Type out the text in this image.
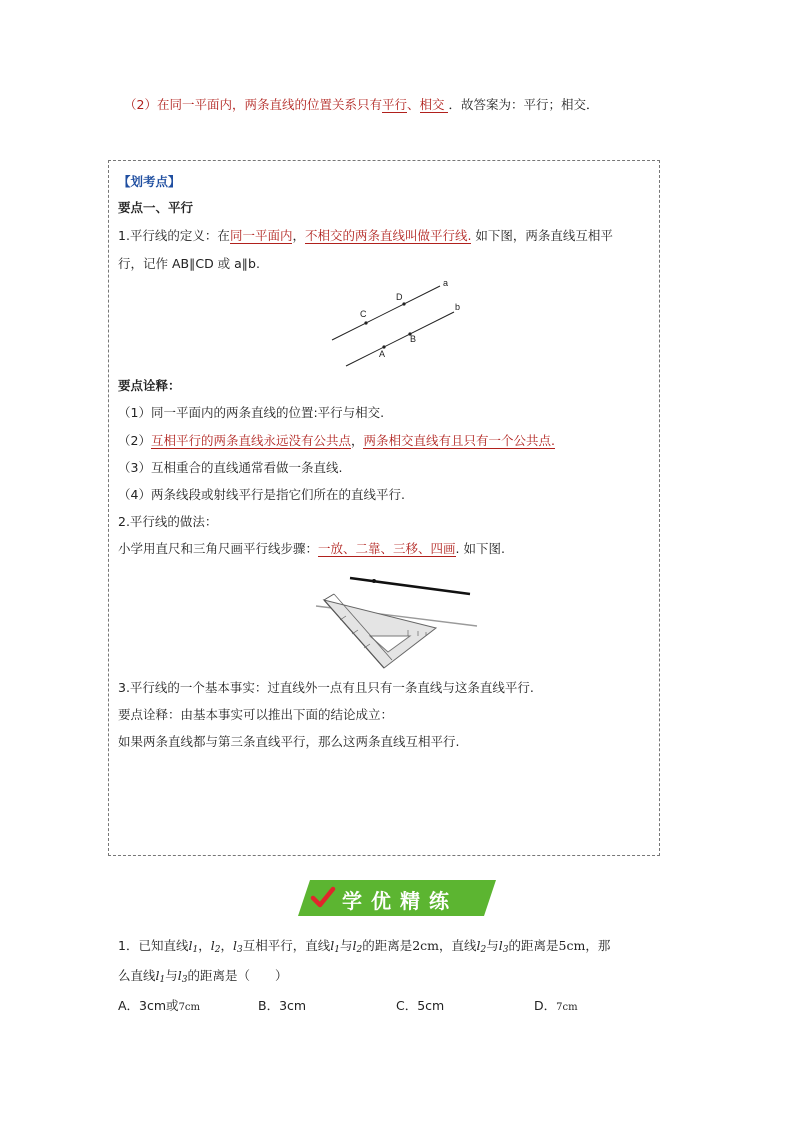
（2）在同一平面内，两条直线的位置关系只有平行、相交 ．故答案为：平行；相交．
【划考点】
要点一、平行
1.平行线的定义：在同一平面内，不相交的两条直线叫做平行线. 如下图，两条直线互相平
行，记作 AB∥CD 或 a∥b.
a
b
C
D
A
B
要点诠释：
（1）同一平面内的两条直线的位置:平行与相交.
（2）互相平行的两条直线永远没有公共点，两条相交直线有且只有一个公共点.
（3）互相重合的直线通常看做一条直线.
（4）两条线段或射线平行是指它们所在的直线平行.
2.平行线的做法：
小学用直尺和三角尺画平行线步骤：一放、二靠、三移、四画. 如下图.
3.平行线的一个基本事实：过直线外一点有且只有一条直线与这条直线平行.
要点诠释：由基本事实可以推出下面的结论成立：
如果两条直线都与第三条直线平行，那么这两条直线互相平行.
学优精练
1．已知直线$l_1$，$l_2$，$l_3$互相平行，直线$l_1$与$l_2$的距离是2cm，直线$l_2$与$l_3$的距离是5cm，那
么直线$l_1$与$l_3$的距离是（　　）
A．3cm或7cm	B．3cm	C．5cm	D．7cm
